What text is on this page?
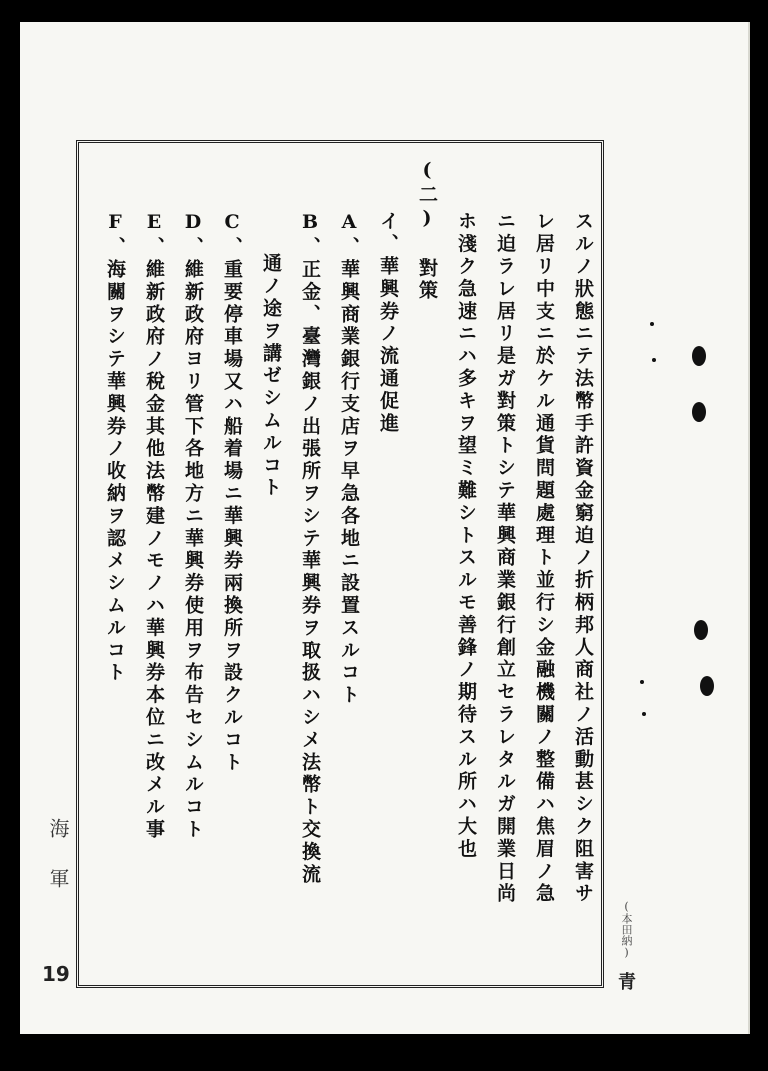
スルノ狀態ニテ法幣手許資金窮迫ノ折柄邦人商社ノ活動甚シク阻害サ
レ居リ中支ニ於ケル通貨問題處理ト並行シ金融機關ノ整備ハ焦眉ノ急
ニ迫ラレ居リ是ガ對策トシテ華興商業銀行創立セラレタルガ開業日尚
ホ淺ク急速ニハ多キヲ望ミ難シトスルモ善鋒ノ期待スル所ハ大也
(二) 對策
イ、華興券ノ流通促進
A、華興商業銀行支店ヲ早急各地ニ設置スルコト
B、正金、臺灣銀ノ出張所ヲシテ華興券ヲ取扱ハシメ法幣ト交換流
通ノ途ヲ講ゼシムルコト
C、重要停車場又ハ船着場ニ華興券兩換所ヲ設クルコト
D、維新政府ヨリ管下各地方ニ華興券使用ヲ布告セシムルコト
E、維新政府ノ稅金其他法幣建ノモノハ華興券本位ニ改メル事
F、海關ヲシテ華興券ノ收納ヲ認メシムルコト
海軍
19
(本田納)
青
